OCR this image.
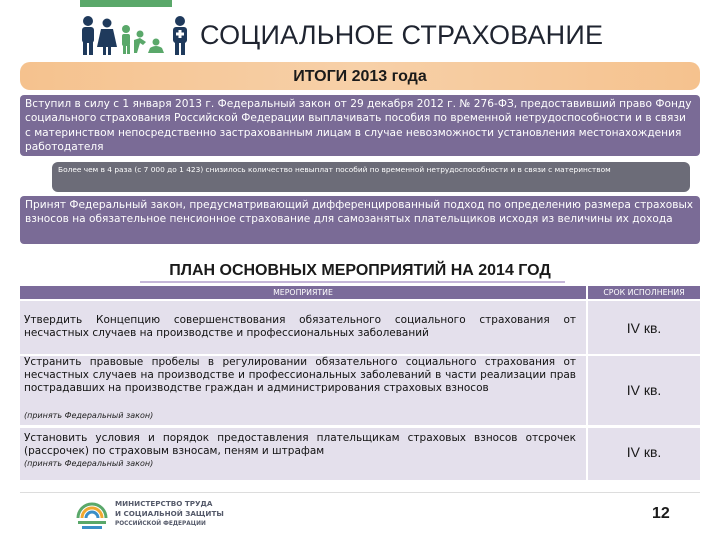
СОЦИАЛЬНОЕ СТРАХОВАНИЕ
ИТОГИ 2013 года
Вступил в силу с 1 января 2013 г. Федеральный закон от 29 декабря 2012 г. № 276-ФЗ, предоставивший право Фонду социального страхования Российской Федерации выплачивать пособия по временной нетрудоспособности и в связи с материнством непосредственно застрахованным лицам в случае невозможности установления местонахождения работодателя
Более чем в 4 раза (с 7 000 до 1 423) снизилось количество невыплат пособий по временной нетрудоспособности и в связи с материнством
Принят Федеральный закон, предусматривающий дифференцированный подход по определению размера страховых взносов на обязательное пенсионное страхование для самозанятых плательщиков исходя из величины их дохода
ПЛАН ОСНОВНЫХ МЕРОПРИЯТИЙ НА 2014 ГОД
МЕРОПРИЯТИЕ	СРОК ИСПОЛНЕНИЯ
Утвердить Концепцию совершенствования обязательного социального страхования от несчастных случаев на производстве и профессиональных заболеваний	IV кв.
Устранить правовые пробелы в регулировании обязательного социального страхования от несчастных случаев на производстве и профессиональных заболеваний в части реализации прав пострадавших на производстве граждан и администрирования страховых взносов
(принять Федеральный закон)
IV кв.
Установить условия и порядок предоставления плательщикам страховых взносов отсрочек (рассрочек) по страховым взносам, пеням и штрафам
(принять Федеральный закон)
IV кв.
МИНИСТЕРСТВО ТРУДА
И СОЦИАЛЬНОЙ ЗАЩИТЫ
РОССИЙСКОЙ ФЕДЕРАЦИИ
12
